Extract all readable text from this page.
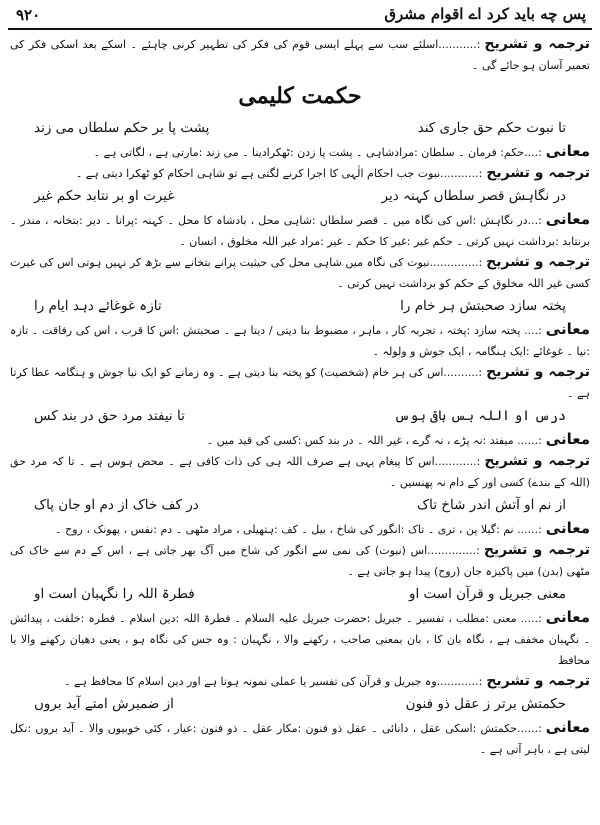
۹۲۰	پس چه باید کرد اے اقوام مشرق
ترجمہ و تشریح:...........اسلئے سب سے پہلے ایسی قوم کی فکر کی تطہیر کرنی چاہئے ۔ اسکے بعد اسکی فکر کی تعمیر آسان ہو جائے گی ۔
حکمت کلیمی
تا نبوت حکم حق جاری کند
پشت پا بر حکم سلطاں می زند
معانی:....حکم: فرمان ۔ سلطان :مرادشاہی ۔ پشت پا زدن :ٹھکرادینا ۔ می زند :مارتی ہے ، لگاتی ہے ۔
ترجمہ و تشریح:...........نبوت جب احکام الٰہی کا اجرا کرنے لگتی ہے تو شاہی احکام کو ٹھکرا دیتی ہے ۔
در نگاہش قصر سلطاں کہنہ دیر
غیرت او بر نتابد حکم غیر
معانی:...در نگاہش :اس کی نگاہ میں ۔ قصر سلطاں :شاہی محل ، بادشاہ کا محل ۔ کہنہ :پرانا ۔ دیر :بتخانہ ، مندر ۔ برنتابد :برداشت نہیں کرتی ۔ حکم غیر :غیر کا حکم ۔ غیر :مراد غیر اللہ مخلوق ، انسان ۔
ترجمہ و تشریح:..............نبوت کی نگاہ میں شاہی محل کی حیثیت پرانے بتخانے سے بڑھ کر نہیں ہوتی اس کی غیرت کسی غیر اللہ مخلوق کے حکم کو برداشت نہیں کرتی ۔
پختہ سازد صحبتش ہر خام را
تازہ غوغائے دہد ایام را
معانی:.... پختہ سازد :پختہ ، تجربہ کار ، ماہر ، مضبوط بنا دیتی / دیتا ہے ۔ صحبتش :اس کا قرب ، اس کی رفاقت ۔ تازہ :نیا ۔ غوغائے :ایک ہنگامہ ، ایک جوش و ولولہ ۔
ترجمہ و تشریح:..........اس کی ہر خام (شخصیت) کو پختہ بنا دیتی ہے ۔ وہ زمانے کو ایک نیا جوش و ہنگامہ عطا کرتا ہے ۔
درس او اللہ بس باقی ہوس
تا نیفتد مرد حق در بند کس
معانی:...... میفتد :نہ پڑے ، نہ گرے ، غیر اللہ ۔ در بند کس :کسی کی قید میں ۔
ترجمہ و تشریح:............اس کا پیغام یہی ہے صرف اللہ ہی کی ذات کافی ہے ۔ محض ہوس ہے ۔ تا کہ مرد حق (اللہ کے بندے) کسی اور کے دام نہ پھنسیں ۔
از نم او آتش اندر شاخ تاک
در کف خاک از دم او جان پاک
معانی:...... نم :گیلا پن ، تری ۔ تاک :انگور کی شاخ ، بیل ۔ کف :ہتھیلی ، مراد مٹھی ۔ دم :نفس ، پھونک ، روح ۔
ترجمہ و تشریح:..............اس (نبوت) کی نمی سے انگور کی شاخ میں آگ بھر جاتی ہے ، اس کے دم سے خاک کی مٹھی (بدن) میں پاکیزہ جان (روح) پیدا ہو جاتی ہے ۔
معنی جبریل و قرآن است او
فطرۃ اللہ را نگہبان است او
معانی:..... معنی :مطلب ، تفسیر ۔ جبریل :حضرت جبریل علیہ السلام ۔ فطرۃ اللہ :دین اسلام ۔ فطرہ :خلقت ، پیدائش ۔ نگہبان مخفف ہے ، نگاہ بان کا ، بان بمعنی صاحب ، رکھنے والا ، نگہبان : وہ جس کی نگاہ ہو ، یعنی دھیان رکھنے والا یا محافظ
ترجمہ و تشریح:............وہ جبریل و قرآن کی تفسیر یا عملی نمونہ ہوتا ہے اور دین اسلام کا محافظ ہے ۔
حکمتش برتر ز عقل ذو فنون
از ضمیرش امتے آید بروں
معانی:......حکمتش :اسکی عقل ، دانائی ۔ عقل ذو فنون :مکار عقل ۔ ذو فنون :عیار ، کئی خوبیوں والا ۔ آید بروں :نکل لیتی ہے ، باہر آتی ہے ۔
